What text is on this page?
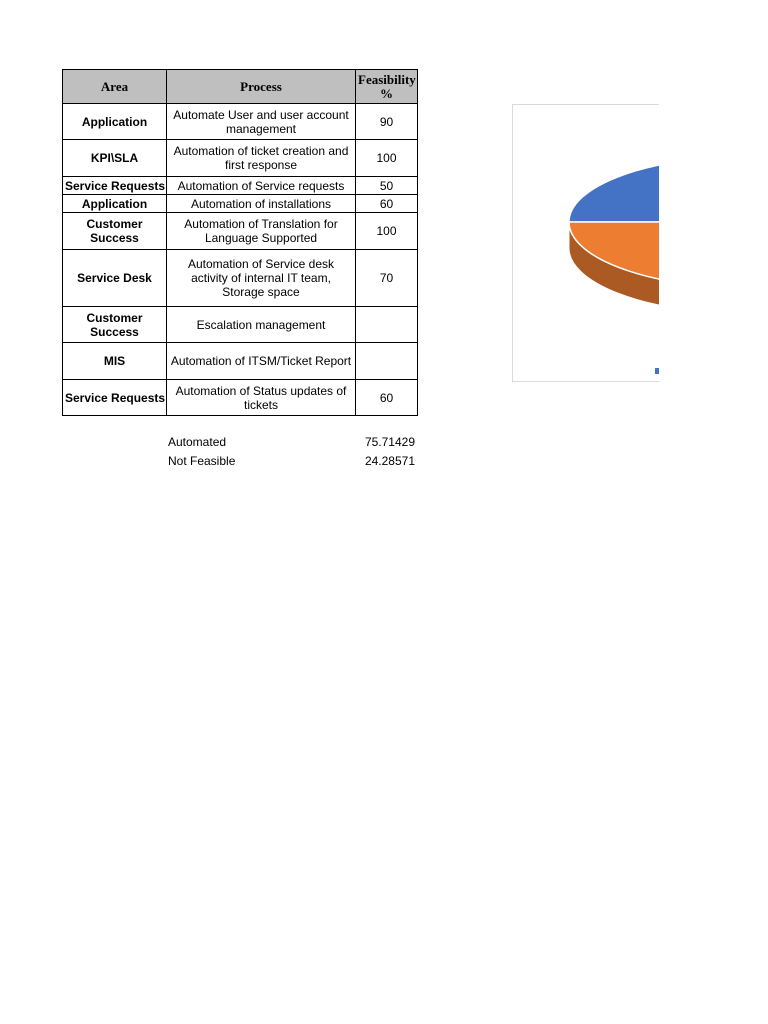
Area	Process	Feasibility %
Application	Automate User and user account management	90
KPI\SLA	Automation of ticket creation and first response	100
Service Requests	Automation of Service requests	50
Application	Automation of installations	60
Customer Success	Automation of Translation for Language Supported	100
Service Desk	Automation of Service desk activity of internal IT team, Storage space	70
Customer Success	Escalation management	
MIS	Automation of ITSM/Ticket Report	
Service Requests	Automation of Status updates of tickets	60
Automated	75.71429
Not Feasible	24.28571
